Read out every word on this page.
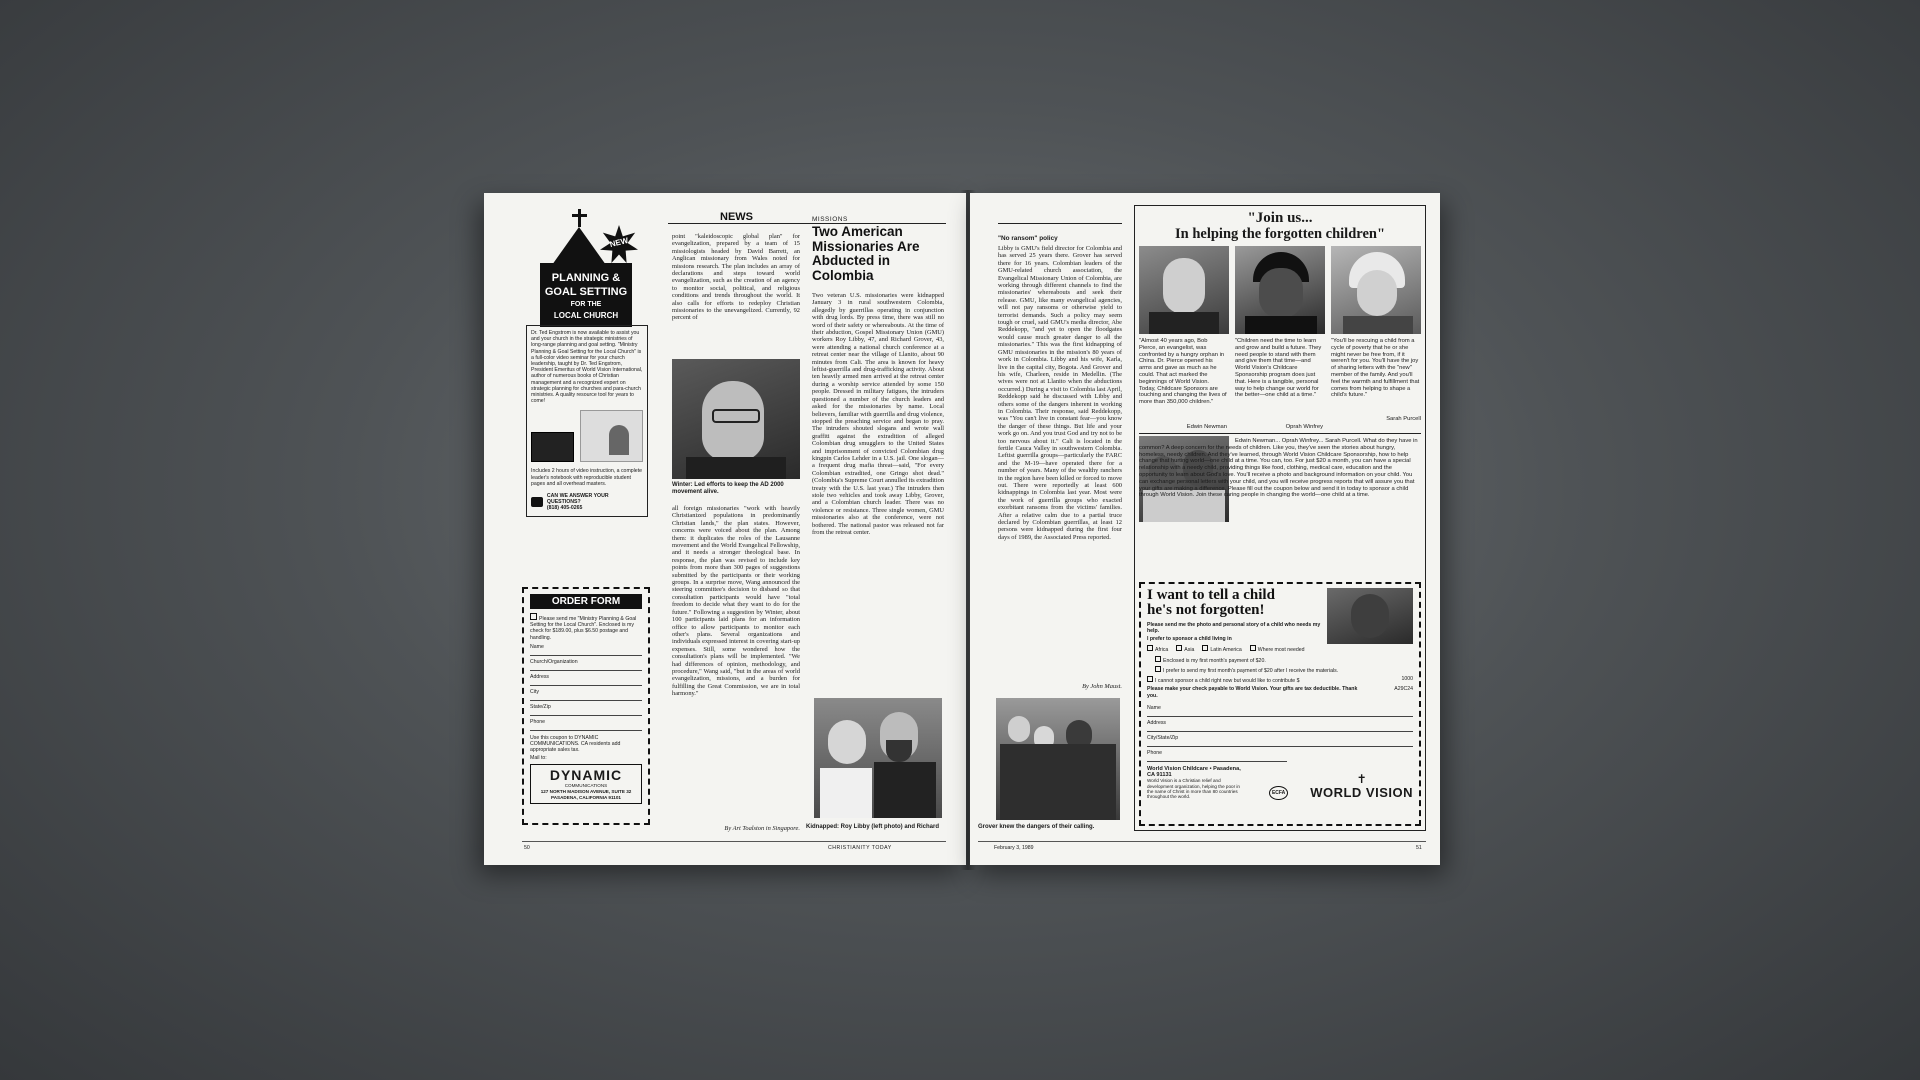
NEW
PLANNING &
GOAL SETTING
FOR THE
LOCAL CHURCH
Dr. Ted Engstrom is now available to assist you and your church in the strategic ministries of long-range planning and goal setting. "Ministry Planning & Goal Setting for the Local Church" is a full-color video seminar for your church leadership, taught by Dr. Ted Engstrom, President Emeritus of World Vision International, author of numerous books of Christian management and a recognized expert on strategic planning for churches and para-church ministries. A quality resource tool for years to come!
Includes 2 hours of video instruction, a complete leader's notebook with reproducible student pages and all overhead masters.
CAN WE ANSWER YOUR QUESTIONS?
(818) 405-0265
ORDER FORM
Please send me "Ministry Planning & Goal Setting for the Local Church". Enclosed is my check for $189.00, plus $6.50 postage and handling.
Name
Church/Organization
Address
City
State/Zip
Phone
Use this coupon to DYNAMIC COMMUNICATIONS. CA residents add appropriate sales tax.
Mail to:
DYNAMIC
COMMUNICATIONS
127 NORTH MADISON AVENUE, SUITE 32
PASADENA, CALIFORNIA 91101
NEWS
point "kaleidoscopic global plan" for evangelization, prepared by a team of 15 missiologists headed by David Barrett, an Anglican missionary from Wales noted for missions research. The plan includes an array of declarations and steps toward world evangelization, such as the creation of an agency to monitor social, political, and religious conditions and trends throughout the world. It also calls for efforts to redeploy Christian missionaries to the unevangelized. Currently, 92 percent of
Winter: Led efforts to keep the AD 2000 movement alive.
all foreign missionaries "work with heavily Christianized populations in predominantly Christian lands," the plan states. However, concerns were voiced about the plan. Among them: it duplicates the roles of the Lausanne movement and the World Evangelical Fellowship, and it needs a stronger theological base. In response, the plan was revised to include key points from more than 300 pages of suggestions submitted by the participants or their working groups. In a surprise move, Wang announced the steering committee's decision to disband so that consultation participants would have "total freedom to decide what they want to do for the future." Following a suggestion by Winter, about 100 participants laid plans for an information office to allow participants to monitor each other's plans. Several organizations and individuals expressed interest in covering start-up expenses. Still, some wondered how the consultation's plans will be implemented. "We had differences of opinion, methodology, and procedure," Wang said, "but in the areas of world evangelization, missions, and a burden for fulfilling the Great Commission, we are in total harmony."
By Art Toalston in Singapore.
MISSIONS
Two American Missionaries Are Abducted in Colombia
Two veteran U.S. missionaries were kidnapped January 3 in rural southwestern Colombia, allegedly by guerrillas operating in conjunction with drug lords. By press time, there was still no word of their safety or whereabouts. At the time of their abduction, Gospel Missionary Union (GMU) workers Roy Libby, 47, and Richard Grover, 43, were attending a national church conference at a retreat center near the village of Llanito, about 90 minutes from Cali. The area is known for heavy leftist-guerrilla and drug-trafficking activity. About ten heavily armed men arrived at the retreat center during a worship service attended by some 150 people. Dressed in military fatigues, the intruders questioned a number of the church leaders and asked for the missionaries by name. Local believers, familiar with guerrilla and drug violence, stopped the preaching service and began to pray. The intruders shouted slogans and wrote wall graffiti against the extradition of alleged Colombian drug smugglers to the United States and imprisonment of convicted Colombian drug kingpin Carlos Lehder in a U.S. jail. One slogan—a frequent drug mafia threat—said, "For every Colombian extradited, one Gringo shot dead." (Colombia's Supreme Court annulled its extradition treaty with the U.S. last year.) The intruders then stole two vehicles and took away Libby, Grover, and a Colombian church leader. There was no violence or resistance. Three single women, GMU missionaries also at the conference, were not bothered. The national pastor was released not far from the retreat center.
Kidnapped: Roy Libby (left photo) and Richard
50	CHRISTIANITY TODAY
"No ransom" policy
Libby is GMU's field director for Colombia and has served 25 years there. Grover has served there for 16 years. Colombian leaders of the GMU-related church association, the Evangelical Missionary Union of Colombia, are working through different channels to find the missionaries' whereabouts and seek their release. GMU, like many evangelical agencies, will not pay ransoms or otherwise yield to terrorist demands. Such a policy may seem tough or cruel, said GMU's media director, Abe Reddekopp, "and yet to open the floodgates would cause much greater danger to all the missionaries." This was the first kidnapping of GMU missionaries in the mission's 80 years of work in Colombia. Libby and his wife, Karla, live in the capital city, Bogota. And Grover and his wife, Charleen, reside in Medellin. (The wives were not at Llanito when the abductions occurred.) During a visit to Colombia last April, Reddekopp said he discussed with Libby and others some of the dangers inherent in working in Colombia. Their response, said Reddekopp, was "You can't live in constant fear—you know the danger of these things. But life and your work go on. And you trust God and try not to be too nervous about it." Cali is located in the fertile Cauca Valley in southwestern Colombia. Leftist guerrilla groups—particularly the FARC and the M-19—have operated there for a number of years. Many of the wealthy ranchers in the region have been killed or forced to move out. There were reportedly at least 600 kidnappings in Colombia last year. Most were the work of guerrilla groups who exacted exorbitant ransoms from the victims' families. After a relative calm due to a partial truce declared by Colombian guerrillas, at least 12 persons were kidnapped during the first four days of 1989, the Associated Press reported.
By John Maust.
Grover knew the dangers of their calling.
"Join us...
In helping the forgotten children"
"Almost 40 years ago, Bob Pierce, an evangelist, was confronted by a hungry orphan in China. Dr. Pierce opened his arms and gave as much as he could. That act marked the beginnings of World Vision. Today, Childcare Sponsors are touching and changing the lives of more than 350,000 children."
Edwin Newman
"Children need the time to learn and grow and build a future. They need people to stand with them and give them that time—and World Vision's Childcare Sponsorship program does just that. Here is a tangible, personal way to help change our world for the better—one child at a time."
Oprah Winfrey
"You'll be rescuing a child from a cycle of poverty that he or she might never be free from, if it weren't for you. You'll have the joy of sharing letters with the "new" member of the family. And you'll feel the warmth and fulfillment that comes from helping to shape a child's future."
Sarah Purcell
Edwin Newman... Oprah Winfrey... Sarah Purcell. What do they have in common? A deep concern for the needs of children. Like you, they've seen the stories about hungry, homeless, needy children. And they've learned, through World Vision Childcare Sponsorship, how to help change that hurting world—one child at a time. You can, too. For just $20 a month, you can have a special relationship with a needy child, providing things like food, clothing, medical care, education and the opportunity to learn about God's love. You'll receive a photo and background information on your child. You can exchange personal letters with your child, and you will receive progress reports that will assure you that your gifts are making a difference. Please fill out the coupon below and send it in today to sponsor a child through World Vision. Join these caring people in changing the world—one child at a time.
I want to tell a child
he's not forgotten!
Please send me the photo and personal story of a child who needs my help.
I prefer to sponsor a child living in
Africa	Asia	Latin America	Where most needed
Enclosed is my first month's payment of $20.
I prefer to send my first month's payment of $20 after I receive the materials.
I cannot sponsor a child right now but would like to contribute $	1000
Please make your check payable to World Vision. Your gifts are tax deductible. Thank you.
A29C24
Name
Address
City/State/Zip
Phone
World Vision Childcare • Pasadena, CA 91131
World Vision is a Christian relief and development organization, helping the poor in the name of Christ in more than 80 countries throughout the world.
ECFA
✝
WORLD VISION
February 3, 1989	51
